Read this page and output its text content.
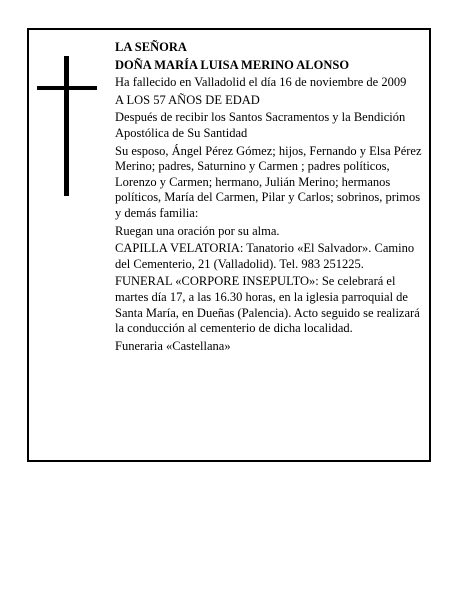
LA SEÑORA

DOÑA MARÍA LUISA MERINO ALONSO

Ha fallecido en Valladolid el día 16 de noviembre de 2009

A LOS 57 AÑOS DE EDAD

Después de recibir los Santos Sacramentos y la Bendición Apostólica de Su Santidad

Su esposo, Ángel Pérez Gómez; hijos, Fernando y Elsa Pérez Merino; padres, Saturnino y Carmen ; padres políticos, Lorenzo y Carmen; hermano, Julián Merino; hermanos políticos, María del Carmen, Pilar y Carlos; sobrinos, primos y demás familia:

Ruegan una oración por su alma.

CAPILLA VELATORIA: Tanatorio «El Salvador». Camino del Cementerio, 21 (Valladolid). Tel. 983 251225.

FUNERAL «CORPORE INSEPULTO»: Se celebrará el martes día 17, a las 16.30 horas, en la iglesia parroquial de Santa María, en Dueñas (Palencia). Acto seguido se realizará la conducción al cementerio de dicha localidad.

Funeraria «Castellana»
